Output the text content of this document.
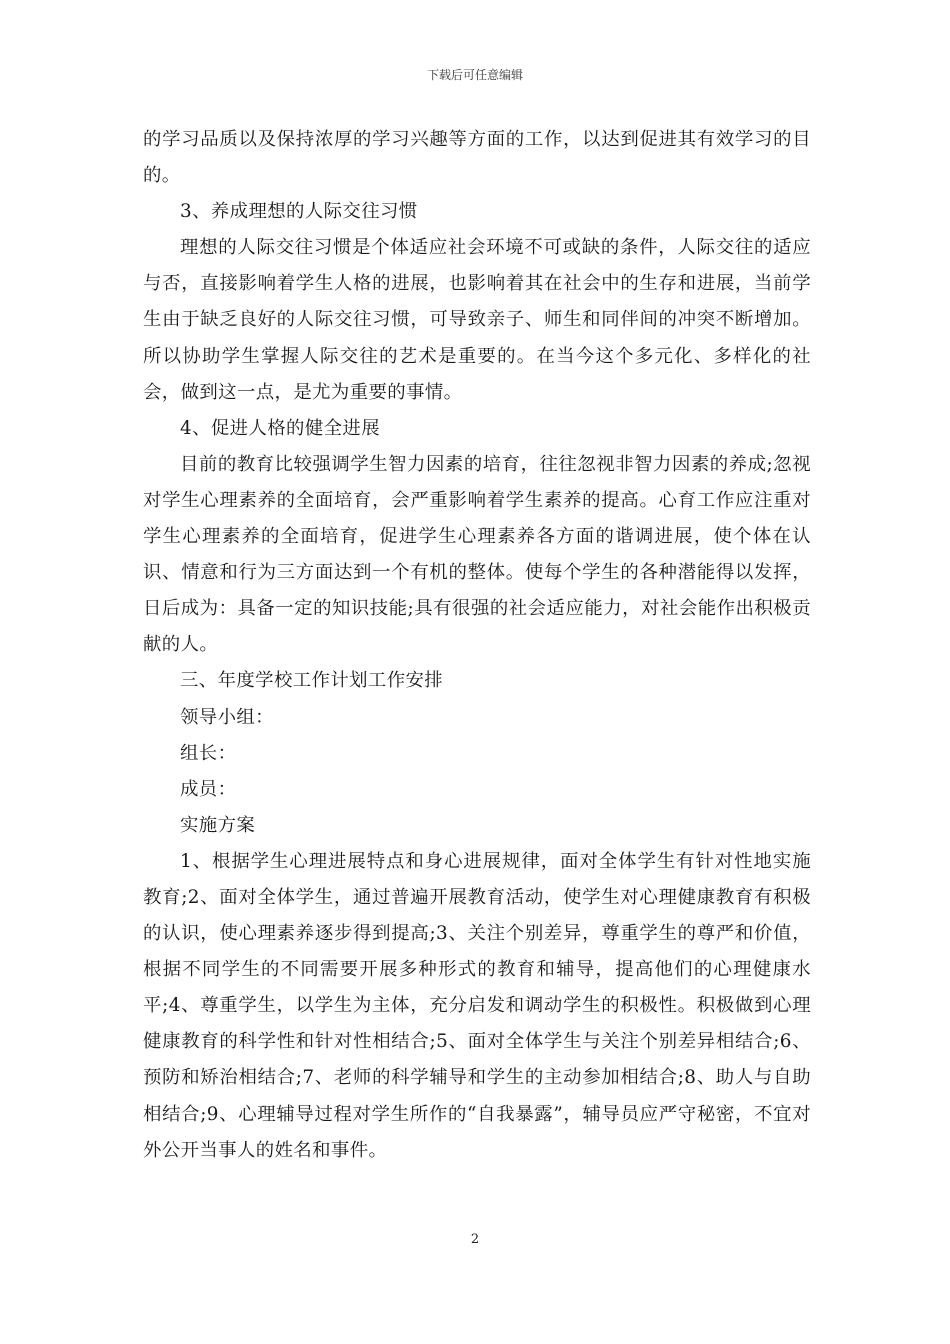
下载后可任意编辑

的学习品质以及保持浓厚的学习兴趣等方面的工作，以达到促进其有效学习的目的。

3、养成理想的人际交往习惯

理想的人际交往习惯是个体适应社会环境不可或缺的条件，人际交往的适应与否，直接影响着学生人格的进展，也影响着其在社会中的生存和进展，当前学生由于缺乏良好的人际交往习惯，可导致亲子、师生和同伴间的冲突不断增加。所以协助学生掌握人际交往的艺术是重要的。在当今这个多元化、多样化的社会，做到这一点，是尤为重要的事情。

4、促进人格的健全进展

目前的教育比较强调学生智力因素的培育，往往忽视非智力因素的养成;忽视对学生心理素养的全面培育，会严重影响着学生素养的提高。心育工作应注重对学生心理素养的全面培育，促进学生心理素养各方面的谐调进展，使个体在认识、情意和行为三方面达到一个有机的整体。使每个学生的各种潜能得以发挥，日后成为：具备一定的知识技能;具有很强的社会适应能力，对社会能作出积极贡献的人。

三、年度学校工作计划工作安排

领导小组：

组长：

成员：

实施方案

1、根据学生心理进展特点和身心进展规律，面对全体学生有针对性地实施教育;2、面对全体学生，通过普遍开展教育活动，使学生对心理健康教育有积极的认识，使心理素养逐步得到提高;3、关注个别差异，尊重学生的尊严和价值，根据不同学生的不同需要开展多种形式的教育和辅导，提高他们的心理健康水平;4、尊重学生，以学生为主体，充分启发和调动学生的积极性。积极做到心理健康教育的科学性和针对性相结合;5、面对全体学生与关注个别差异相结合;6、预防和矫治相结合;7、老师的科学辅导和学生的主动参加相结合;8、助人与自助相结合;9、心理辅导过程对学生所作的“自我暴露”，辅导员应严守秘密，不宜对外公开当事人的姓名和事件。

2
